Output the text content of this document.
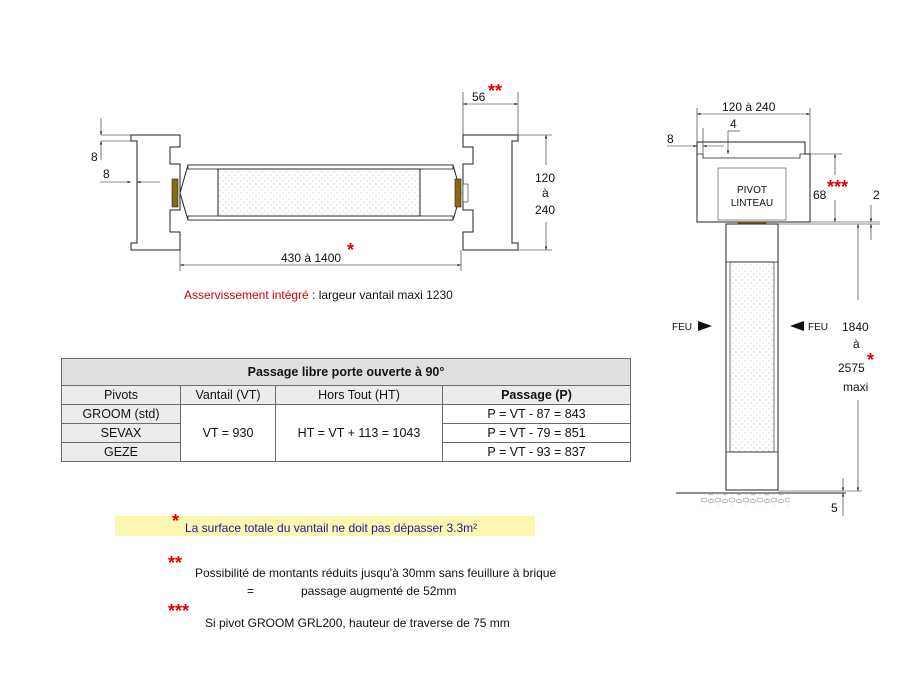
8
8	120
à
240
56 **
430 à 1400 *
PIVOT
LINTEAU
120 à 240
4
8
68 *** 2
FEU	FEU 1840
à
2575 *
maxi
5
Asservissement intégré : largeur vantail maxi 1230
Passage libre porte ouverte à 90°			
Pivots	Vantail (VT)	Hors Tout (HT)	Passage (P)
GROOM (std)	VT = 930	HT = VT + 113 = 1043	P = VT - 87 = 843
SEVAX			P = VT - 79 = 851
GEZE			P = VT - 93 = 837
* La surface totale du vantail ne doit pas dépasser 3.3m²
** Possibilité de montants réduits jusqu'à 30mm sans feuillure à brique
=	passage augmenté de 52mm
***
Si pivot GROOM GRL200, hauteur de traverse de 75 mm
